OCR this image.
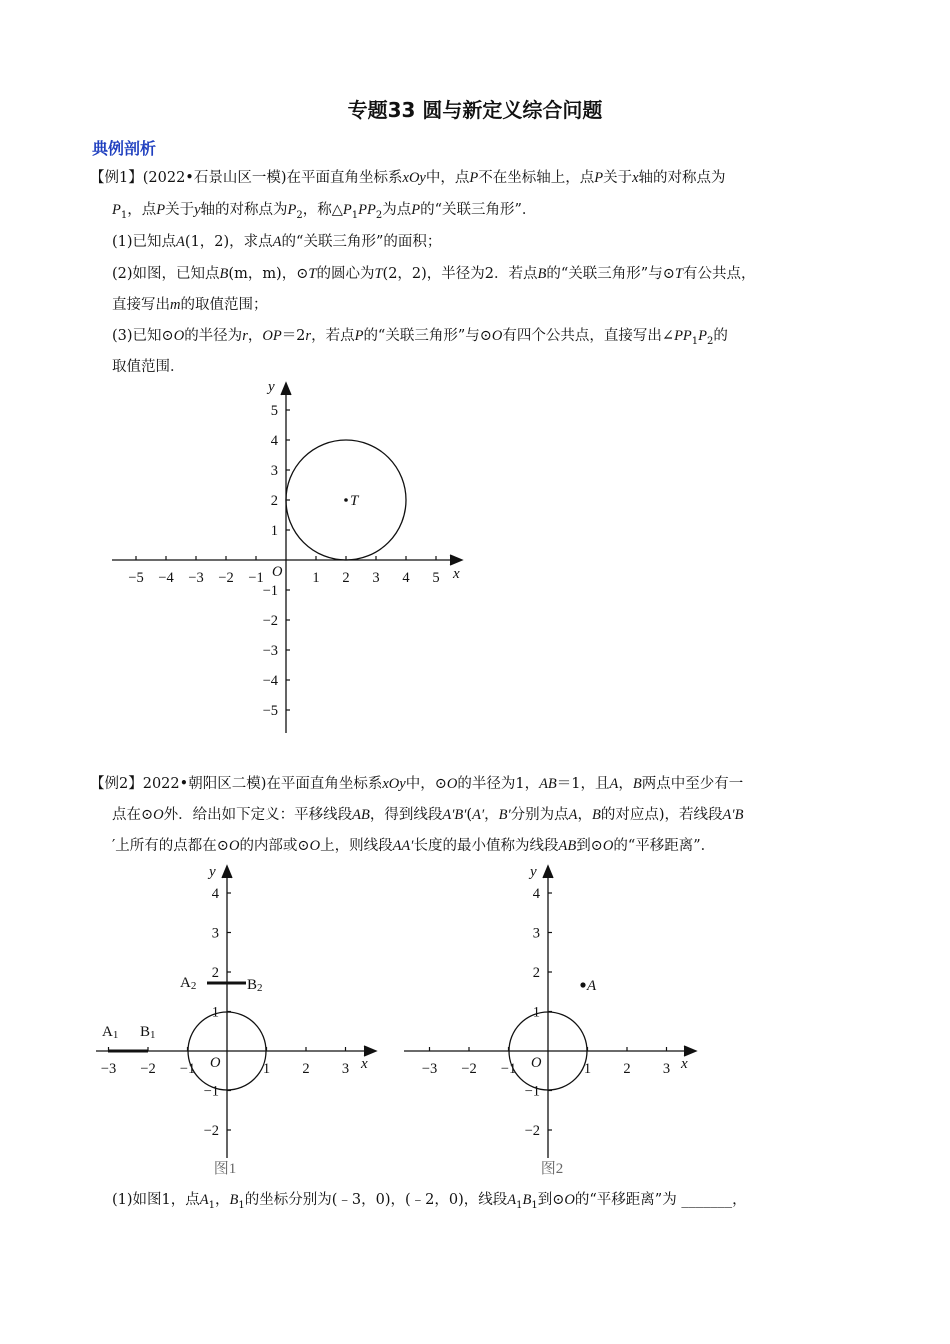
专题33 圆与新定义综合问题
典例剖析
【例1】(2022•石景山区一模)在平面直角坐标系xOy中，点P不在坐标轴上，点P关于x轴的对称点为
$P_1$，点P关于y轴的对称点为$P_2$，称$\triangle P_1PP_2$为点P的“关联三角形”．
(1)已知点A(1，2)，求点A的“关联三角形”的面积；
(2)如图，已知点B(m，m)，⊙T的圆心为T(2，2)，半径为2．若点B的“关联三角形”与⊙T有公共点，
直接写出m的取值范围；
(3)已知⊙O的半径为r，OP＝2r，若点P的“关联三角形”与⊙O有四个公共点，直接写出$\angle PP_1P_2$的
取值范围．
−5 −4 −3 −2 −1	1 2 3 4 5
5
4
3
2
1
−1
−2
−3
−4
−5
T
O	x
y
【例2】2022•朝阳区二模)在平面直角坐标系xOy中，⊙O的半径为1，AB＝1，且A，B两点中至少有一
点在⊙O外．给出如下定义：平移线段AB，得到线段A′B′(A′，B′分别为点A，B的对应点)，若线段A′B
′上所有的点都在⊙O的内部或⊙O上，则线段AA′长度的最小值称为线段AB到⊙O的“平移距离”．
−3 −2 −1	1 2 3
4
3
2
1
−1
−2
O	x
y
A1 B1
A2	B2
图1
−3 −2 −1	1 2 3
4
3
2
1
−1
−2
O	x
y
A
图2
(1)如图1，点$A_1$，$B_1$的坐标分别为(﹣3，0)，(﹣2，0)，线段$A_1B_1$到⊙O的“平移距离”为 _______，
